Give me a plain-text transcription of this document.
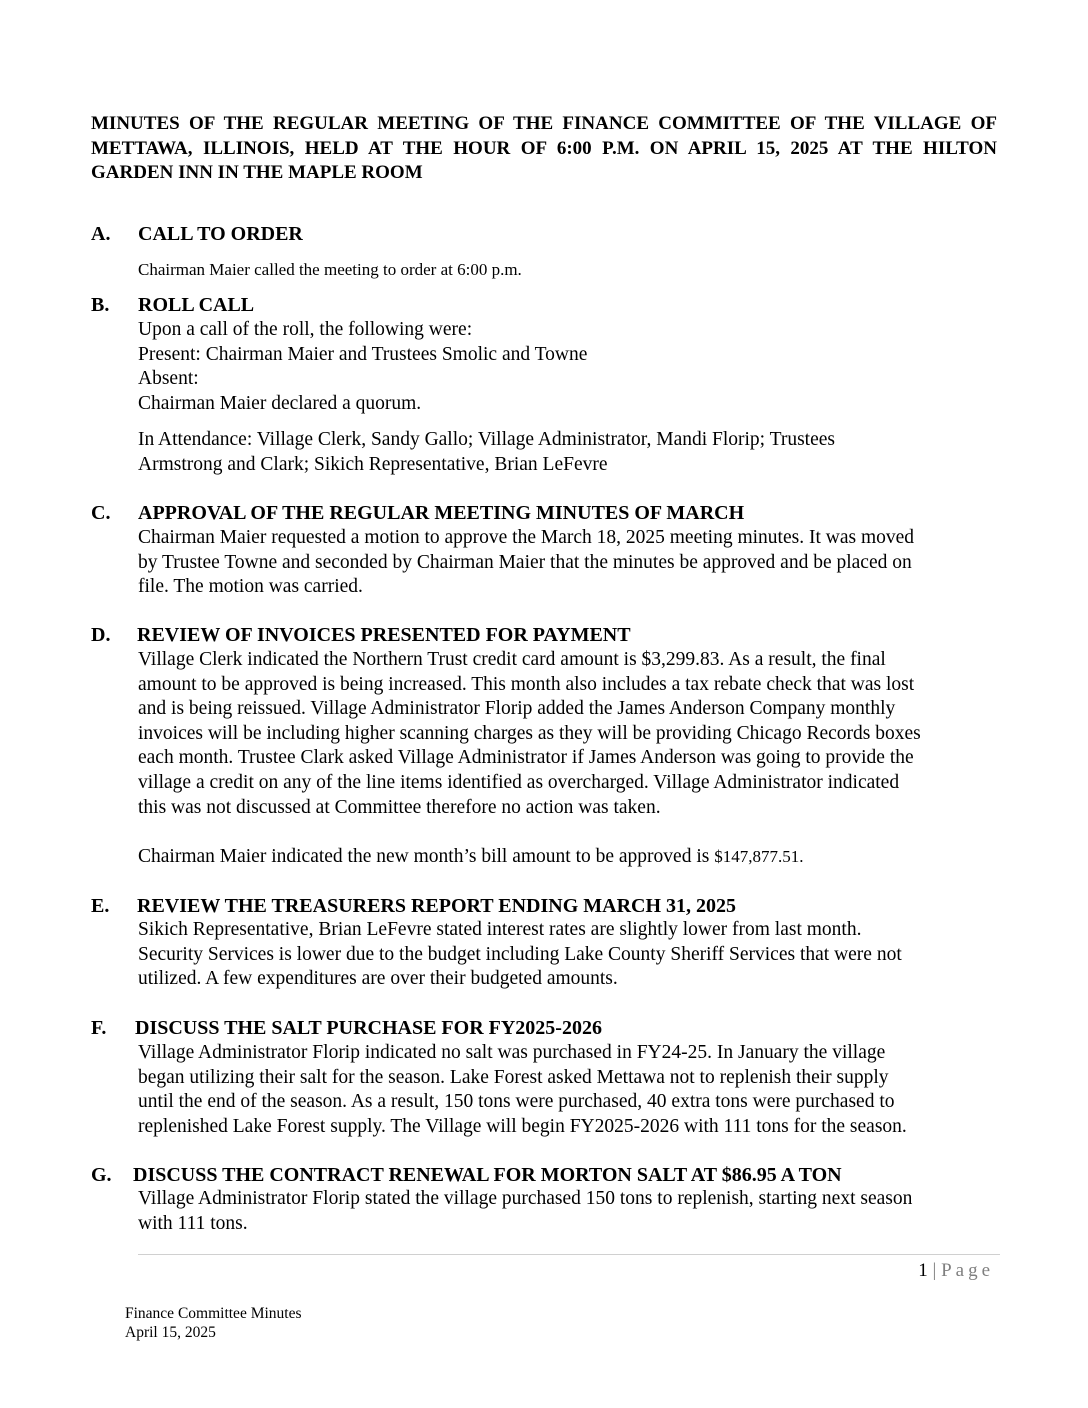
MINUTES OF THE REGULAR MEETING OF THE FINANCE COMMITTEE OF THE VILLAGE OF METTAWA, ILLINOIS, HELD AT THE HOUR OF 6:00 P.M. ON APRIL 15, 2025 AT THE HILTON GARDEN INN IN THE MAPLE ROOM
A. CALL TO ORDER
Chairman Maier called the meeting to order at 6:00 p.m.
B. ROLL CALL
Upon a call of the roll, the following were:
Present: Chairman Maier and Trustees Smolic and Towne
Absent:
Chairman Maier declared a quorum.
In Attendance: Village Clerk, Sandy Gallo; Village Administrator, Mandi Florip; Trustees
Armstrong and Clark; Sikich Representative, Brian LeFevre
C. APPROVAL OF THE REGULAR MEETING MINUTES OF MARCH
Chairman Maier requested a motion to approve the March 18, 2025 meeting minutes. It was moved
by Trustee Towne and seconded by Chairman Maier that the minutes be approved and be placed on
file. The motion was carried.
D. REVIEW OF INVOICES PRESENTED FOR PAYMENT
Village Clerk indicated the Northern Trust credit card amount is $3,299.83. As a result, the final
amount to be approved is being increased. This month also includes a tax rebate check that was lost
and is being reissued. Village Administrator Florip added the James Anderson Company monthly
invoices will be including higher scanning charges as they will be providing Chicago Records boxes
each month. Trustee Clark asked Village Administrator if James Anderson was going to provide the
village a credit on any of the line items identified as overcharged. Village Administrator indicated
this was not discussed at Committee therefore no action was taken.
Chairman Maier indicated the new month’s bill amount to be approved is $147,877.51.
E. REVIEW THE TREASURERS REPORT ENDING MARCH 31, 2025
Sikich Representative, Brian LeFevre stated interest rates are slightly lower from last month.
Security Services is lower due to the budget including Lake County Sheriff Services that were not
utilized. A few expenditures are over their budgeted amounts.
F. DISCUSS THE SALT PURCHASE FOR FY2025-2026
Village Administrator Florip indicated no salt was purchased in FY24-25. In January the village
began utilizing their salt for the season. Lake Forest asked Mettawa not to replenish their supply
until the end of the season. As a result, 150 tons were purchased, 40 extra tons were purchased to
replenished Lake Forest supply. The Village will begin FY2025-2026 with 111 tons for the season.
G. DISCUSS THE CONTRACT RENEWAL FOR MORTON SALT AT $86.95 A TON
Village Administrator Florip stated the village purchased 150 tons to replenish, starting next season
with 111 tons.
1 | Page
Finance Committee Minutes
April 15, 2025
